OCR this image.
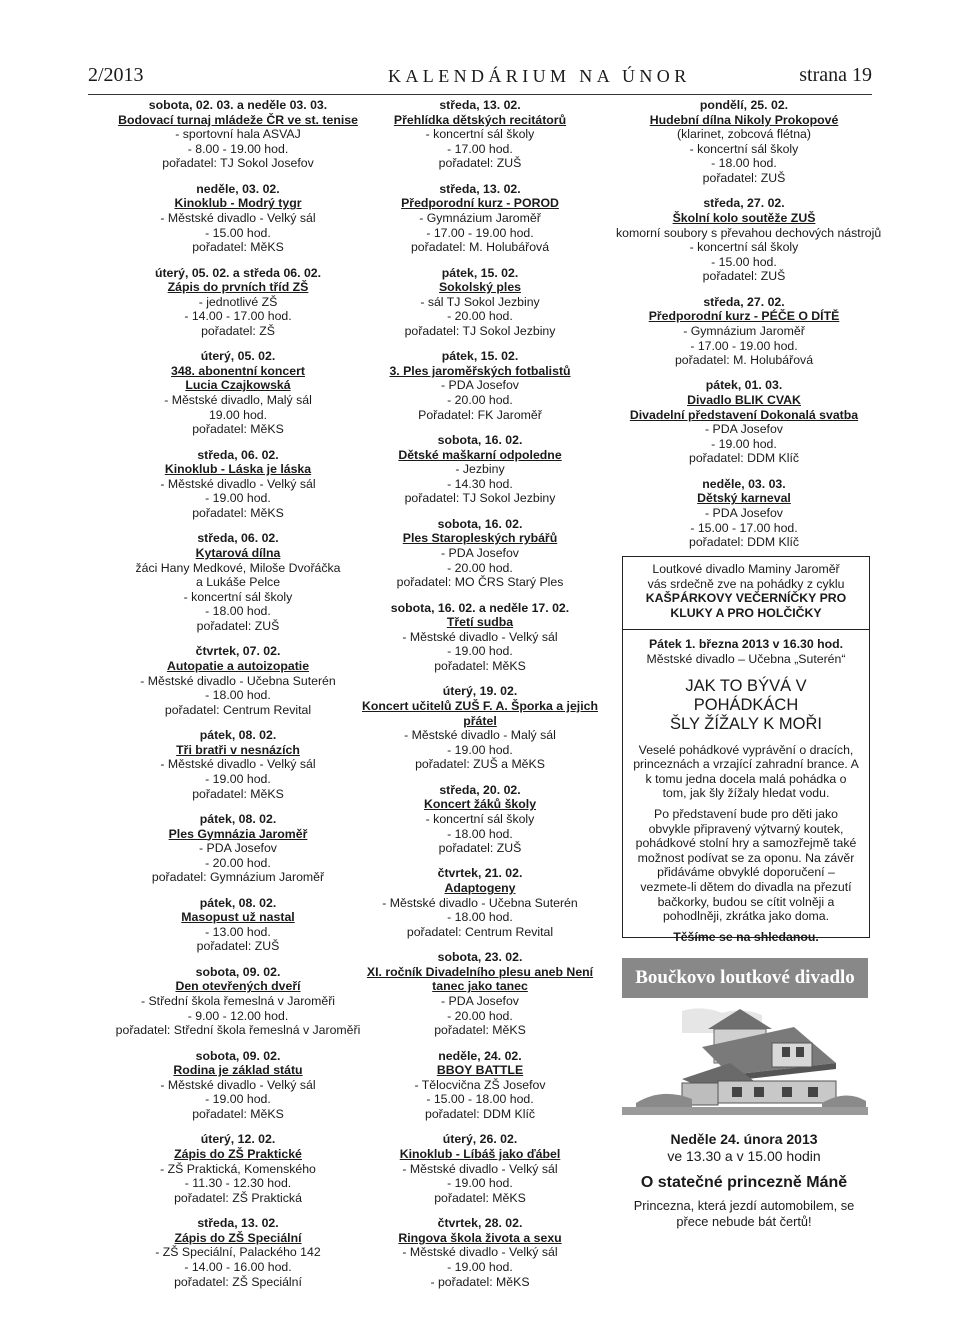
2/2013	KALENDÁRIUM NA ÚNOR	strana 19
sobota, 02. 03. a neděle 03. 03.
Bodovací turnaj mládeže ČR ve st. tenise
- sportovní hala ASVAJ
- 8.00 - 19.00 hod.
pořadatel: TJ Sokol Josefov
neděle, 03. 02.
Kinoklub - Modrý tygr
- Městské divadlo - Velký sál
- 15.00 hod.
pořadatel: MěKS
úterý, 05. 02. a středa 06. 02.
Zápis do prvních tříd ZŠ
- jednotlivé ZŠ
- 14.00 - 17.00 hod.
pořadatel: ZŠ
úterý, 05. 02.
348. abonentní koncert
Lucia Czajkowská
- Městské divadlo, Malý sál
19.00 hod.
pořadatel: MěKS
středa, 06. 02.
Kinoklub - Láska je láska
- Městské divadlo - Velký sál
- 19.00 hod.
pořadatel: MěKS
středa, 06. 02.
Kytarová dílna
žáci Hany Medkové, Miloše Dvořáčka
a Lukáše Pelce
- koncertní sál školy
- 18.00 hod.
pořadatel: ZUŠ
čtvrtek, 07. 02.
Autopatie a autoizopatie
- Městské divadlo - Učebna Suterén
- 18.00 hod.
pořadatel: Centrum Revital
pátek, 08. 02.
Tři bratři v nesnázích
- Městské divadlo - Velký sál
- 19.00 hod.
pořadatel: MěKS
pátek, 08. 02.
Ples Gymnázia Jaroměř
- PDA Josefov
- 20.00 hod.
pořadatel: Gymnázium Jaroměř
pátek, 08. 02.
Masopust už nastal
- 13.00 hod.
pořadatel: ZUŠ
sobota, 09. 02.
Den otevřených dveří
- Střední škola řemeslná v Jaroměři
- 9.00 - 12.00 hod.
pořadatel: Střední škola řemeslná v Jaroměři
sobota, 09. 02.
Rodina je základ státu
- Městské divadlo - Velký sál
- 19.00 hod.
pořadatel: MěKS
úterý, 12. 02.
Zápis do ZŠ Praktické
- ZŠ Praktická, Komenského
- 11.30 - 12.30 hod.
pořadatel: ZŠ Praktická
středa, 13. 02.
Zápis do ZŠ Speciální
- ZŠ Speciální, Palackého 142
- 14.00 - 16.00 hod.
pořadatel: ZŠ Speciální
středa, 13. 02.
Přehlídka dětských recitátorů
- koncertní sál školy
- 17.00 hod.
pořadatel: ZUŠ
středa, 13. 02.
Předporodní kurz - POROD
- Gymnázium Jaroměř
- 17.00 - 19.00 hod.
pořadatel: M. Holubářová
pátek, 15. 02.
Sokolský ples
- sál TJ Sokol Jezbiny
- 20.00 hod.
pořadatel: TJ Sokol Jezbiny
pátek, 15. 02.
3. Ples jaroměřských fotbalistů
- PDA Josefov
- 20.00 hod.
Pořadatel: FK Jaroměř
sobota, 16. 02.
Dětské maškarní odpoledne
- Jezbiny
- 14.30 hod.
pořadatel: TJ Sokol Jezbiny
sobota, 16. 02.
Ples Staropleských rybářů
- PDA Josefov
- 20.00 hod.
pořadatel: MO ČRS Starý Ples
sobota, 16. 02. a neděle 17. 02.
Třetí sudba
- Městské divadlo - Velký sál
- 19.00 hod.
pořadatel: MěKS
úterý, 19. 02.
Koncert učitelů ZUŠ F. A. Šporka a jejich
přátel
- Městské divadlo - Malý sál
- 19.00 hod.
pořadatel: ZUŠ a MěKS
středa, 20. 02.
Koncert žáků školy
- koncertní sál školy
- 18.00 hod.
pořadatel: ZUŠ
čtvrtek, 21. 02.
Adaptogeny
- Městské divadlo - Učebna Suterén
- 18.00 hod.
pořadatel: Centrum Revital
sobota, 23. 02.
XI. ročník Divadelního plesu aneb Není
tanec jako tanec
- PDA Josefov
- 20.00 hod.
pořadatel: MěKS
neděle, 24. 02.
BBOY BATTLE
- Tělocvična ZŠ Josefov
- 15.00 - 18.00 hod.
pořadatel: DDM Klíč
úterý, 26. 02.
Kinoklub - Líbáš jako ďábel
- Městské divadlo - Velký sál
- 19.00 hod.
pořadatel: MěKS
čtvrtek, 28. 02.
Ringova škola života a sexu
- Městské divadlo - Velký sál
- 19.00 hod.
- pořadatel: MěKS
pondělí, 25. 02.
Hudební dílna Nikoly Prokopové
(klarinet, zobcová flétna)
- koncertní sál školy
- 18.00 hod.
pořadatel: ZUŠ
středa, 27. 02.
Školní kolo soutěže ZUŠ
komorní soubory s převahou dechových nástrojů
- koncertní sál školy
- 15.00 hod.
pořadatel: ZUŠ
středa, 27. 02.
Předporodní kurz - PÉČE O DÍTĚ
- Gymnázium Jaroměř
- 17.00 - 19.00 hod.
pořadatel: M. Holubářová
pátek, 01. 03.
Divadlo BLIK CVAK
Divadelní představení Dokonalá svatba
- PDA Josefov
- 19.00 hod.
pořadatel: DDM Klíč
neděle, 03. 03.
Dětský karneval
- PDA Josefov
- 15.00 - 17.00 hod.
pořadatel: DDM Klíč
Loutkové divadlo Maminy Jaroměř
vás srdečně zve na pohádky z cyklu
KAŠPÁRKOVY VEČERNÍČKY PRO
KLUKY A PRO HOLČIČKY
Pátek 1. března 2013 v 16.30 hod.
Městské divadlo – Učebna „Suterén“
JAK TO BÝVÁ V POHÁDKÁCH
ŠLY ŽÍŽALY K MOŘI
Veselé pohádkové vyprávění o dracích, princeznách a vrzající zahradní brance. A k tomu jedna docela malá pohádka o tom, jak šly žížaly hledat vodu.
Po představení bude pro děti jako obvykle připravený výtvarný koutek, pohádkové stolní hry a samozřejmě také možnost podívat se za oponu. Na závěr přidáváme obvyklé doporučení – vezmete-li dětem do divadla na přezutí bačkorky, budou se cítit volněji a pohodlněji, zkrátka jako doma.
Těšíme se na shledanou.
Boučkovo loutkové divadlo
Neděle 24. února 2013
ve 13.30 a v 15.00 hodin
O statečné princezně Máně
Princezna, která jezdí automobilem, se
přece nebude bát čertů!
